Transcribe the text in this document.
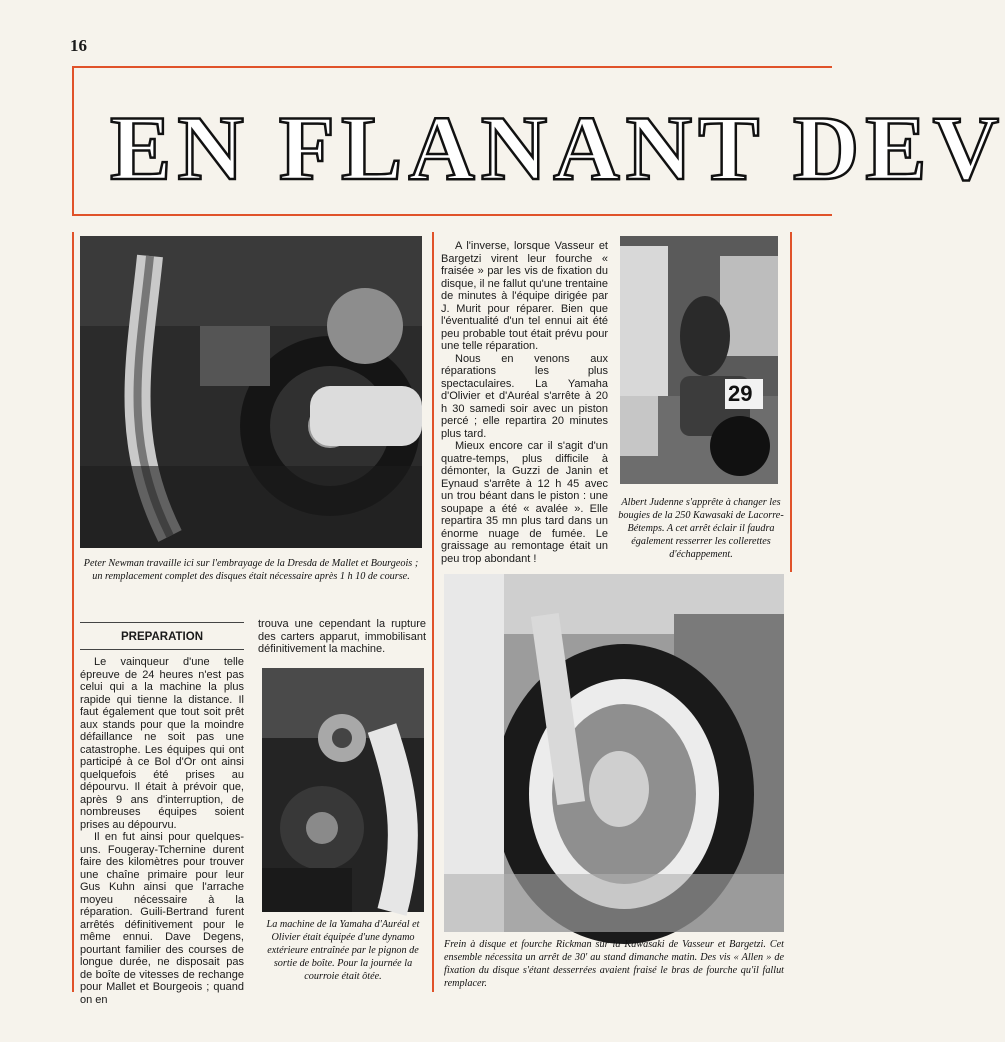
16
EN FLANANT DEV
Peter Newman travaille ici sur l'embrayage de la Dresda de Mallet et Bourgeois ; un remplacement complet des disques était nécessaire après 1 h 10 de course.
29
Albert Judenne s'apprête à changer les bougies de la 250 Kawasaki de Lacorre-Bétemps. A cet arrêt éclair il faudra également resserrer les collerettes d'échappement.

A l'inverse, lorsque Vasseur et Bargetzi virent leur fourche « fraisée » par les vis de fixation du disque, il ne fallut qu'une trentaine de minutes à l'équipe dirigée par J. Murit pour réparer. Bien que l'éventualité d'un tel ennui ait été peu probable tout était prévu pour une telle réparation.

Nous en venons aux réparations les plus spectaculaires. La Yamaha d'Olivier et d'Auréal s'arrête à 20 h 30 samedi soir avec un piston percé ; elle repartira 20 minutes plus tard.

Mieux encore car il s'agit d'un quatre-temps, plus difficile à démonter, la Guzzi de Janin et Eynaud s'arrête à 12 h 45 avec un trou béant dans le piston : une soupape a été « avalée ». Elle repartira 35 mn plus tard dans un énorme nuage de fumée. Le graissage au remontage était un peu trop abondant !

PREPARATION

Le vainqueur d'une telle épreuve de 24 heures n'est pas celui qui a la machine la plus rapide qui tienne la distance. Il faut également que tout soit prêt aux stands pour que la moindre défaillance ne soit pas une catastrophe. Les équipes qui ont participé à ce Bol d'Or ont ainsi quelquefois été prises au dépourvu. Il était à prévoir que, après 9 ans d'interruption, de nombreuses équipes soient prises au dépourvu.

Il en fut ainsi pour quelques-uns. Fougeray-Tchernine durent faire des kilomètres pour trouver une chaîne primaire pour leur Gus Kuhn ainsi que l'arrache moyeu nécessaire à la réparation. Guili-Bertrand furent arrêtés définitivement pour le même ennui. Dave Degens, pourtant familier des courses de longue durée, ne disposait pas de boîte de vitesses de rechange pour Mallet et Bourgeois ; quand on en

trouva une cependant la rupture des carters apparut, immobilisant définitivement la machine.

La machine de la Yamaha d'Auréal et Olivier était équipée d'une dynamo extérieure entraînée par le pignon de sortie de boîte. Pour la journée la courroie était ôtée.
Frein à disque et fourche Rickman sur la Kawasaki de Vasseur et Bargetzi. Cet ensemble nécessita un arrêt de 30' au stand dimanche matin. Des vis « Allen » de fixation du disque s'étant desserrées avaient fraisé le bras de fourche qu'il fallut remplacer.
